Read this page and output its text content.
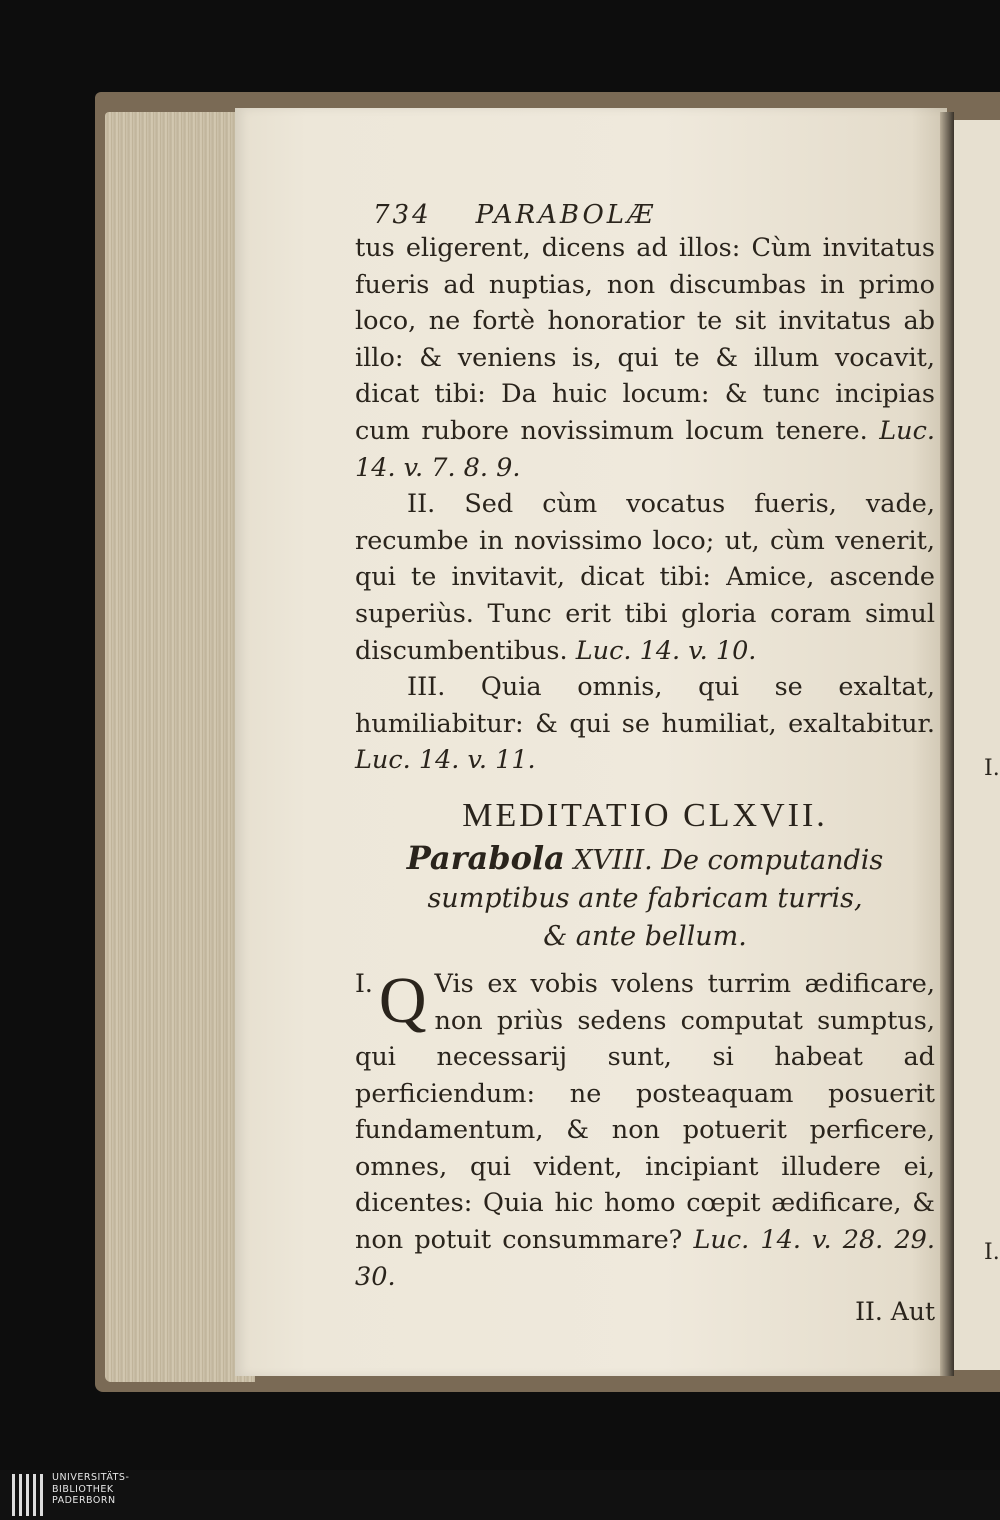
I.
I.
734 PARABOLÆ

tus eligerent, dicens ad illos: Cùm invitatus fueris ad nuptias, non discumbas in primo loco, ne fortè honoratior te sit invitatus ab illo: & veniens is, qui te & illum vocavit, dicat tibi: Da huic locum: & tunc incipias cum rubore novissimum locum tenere. Luc. 14. v. 7. 8. 9.

II. Sed cùm vocatus fueris, vade, recumbe in novissimo loco; ut, cùm venerit, qui te invitavit, dicat tibi: Amice, ascende superiùs. Tunc erit tibi gloria coram simul discumbentibus. Luc. 14. v. 10.

III. Quia omnis, qui se exaltat, humiliabitur: & qui se humiliat, exaltabitur. Luc. 14. v. 11.

MEDITATIO CLXVII.
Parabola XVIII. De computandis
sumptibus ante fabricam turris,
& ante bellum.

I. Q Vis ex vobis volens turrim ædificare, non priùs sedens computat sumptus, qui necessarij sunt, si habeat ad perficiendum: ne posteaquam posuerit fundamentum, & non potuerit perficere, omnes, qui vident, incipiant illudere ei, dicentes: Quia hic homo cœpit ædificare, & non potuit consummare? Luc. 14. v. 28. 29. 30.

II. Aut
UNIVERSITÄTS-
BIBLIOTHEK
PADERBORN
